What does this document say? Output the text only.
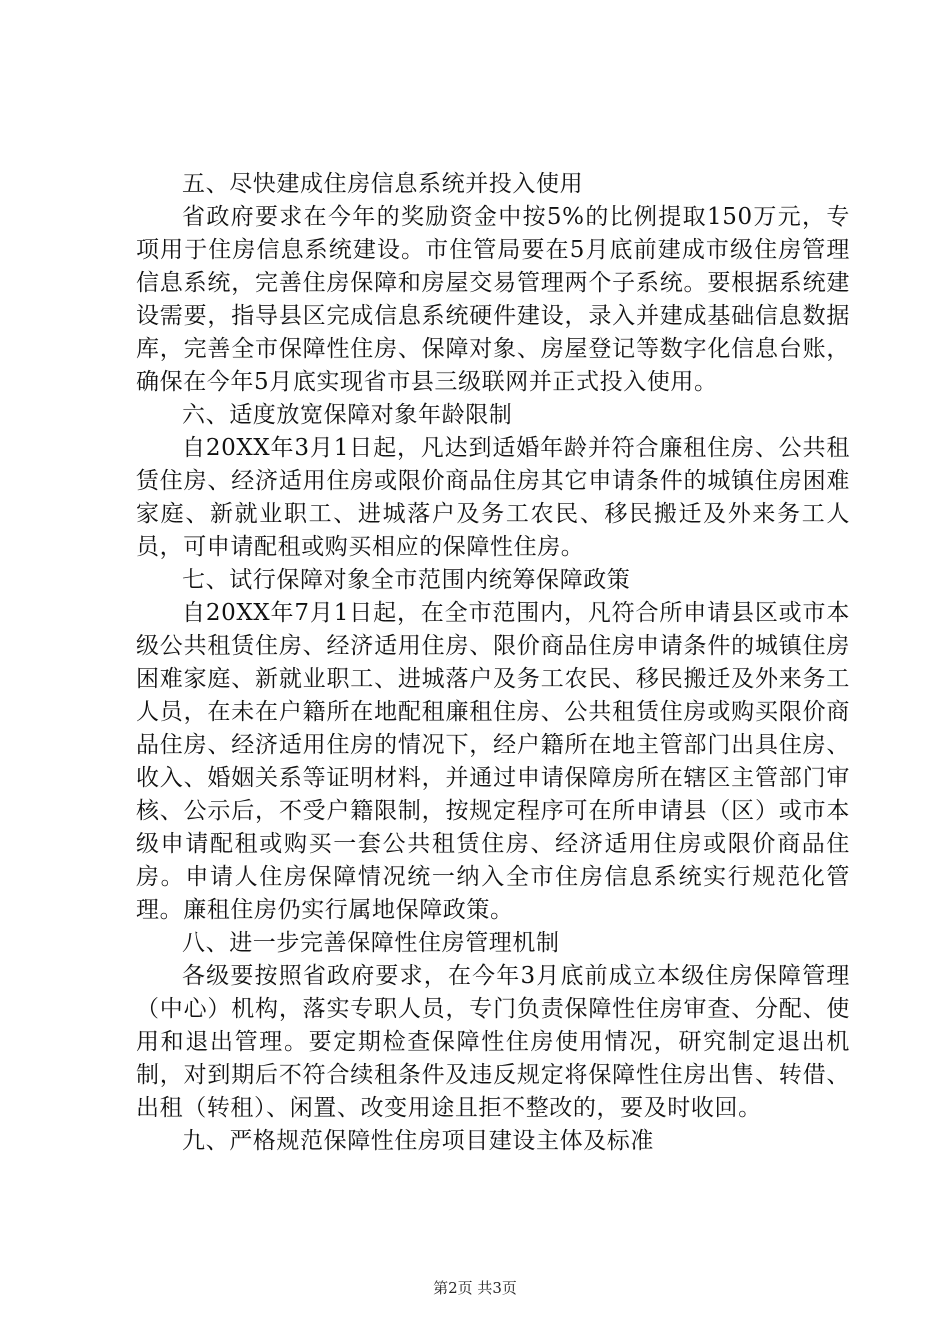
五、尽快建成住房信息系统并投入使用

省政府要求在今年的奖励资金中按5%的比例提取150万元，专项用于住房信息系统建设。市住管局要在5月底前建成市级住房管理信息系统，完善住房保障和房屋交易管理两个子系统。要根据系统建设需要，指导县区完成信息系统硬件建设，录入并建成基础信息数据库，完善全市保障性住房、保障对象、房屋登记等数字化信息台账，确保在今年5月底实现省市县三级联网并正式投入使用。

六、适度放宽保障对象年龄限制

自20XX年3月1日起，凡达到适婚年龄并符合廉租住房、公共租赁住房、经济适用住房或限价商品住房其它申请条件的城镇住房困难家庭、新就业职工、进城落户及务工农民、移民搬迁及外来务工人员，可申请配租或购买相应的保障性住房。

七、试行保障对象全市范围内统筹保障政策

自20XX年7月1日起，在全市范围内，凡符合所申请县区或市本级公共租赁住房、经济适用住房、限价商品住房申请条件的城镇住房困难家庭、新就业职工、进城落户及务工农民、移民搬迁及外来务工人员，在未在户籍所在地配租廉租住房、公共租赁住房或购买限价商品住房、经济适用住房的情况下，经户籍所在地主管部门出具住房、收入、婚姻关系等证明材料，并通过申请保障房所在辖区主管部门审核、公示后，不受户籍限制，按规定程序可在所申请县（区）或市本级申请配租或购买一套公共租赁住房、经济适用住房或限价商品住房。申请人住房保障情况统一纳入全市住房信息系统实行规范化管理。廉租住房仍实行属地保障政策。

八、进一步完善保障性住房管理机制

各级要按照省政府要求，在今年3月底前成立本级住房保障管理（中心）机构，落实专职人员，专门负责保障性住房审查、分配、使用和退出管理。要定期检查保障性住房使用情况，研究制定退出机制，对到期后不符合续租条件及违反规定将保障性住房出售、转借、出租（转租）、闲置、改变用途且拒不整改的，要及时收回。

九、严格规范保障性住房项目建设主体及标准

第2页 共3页
